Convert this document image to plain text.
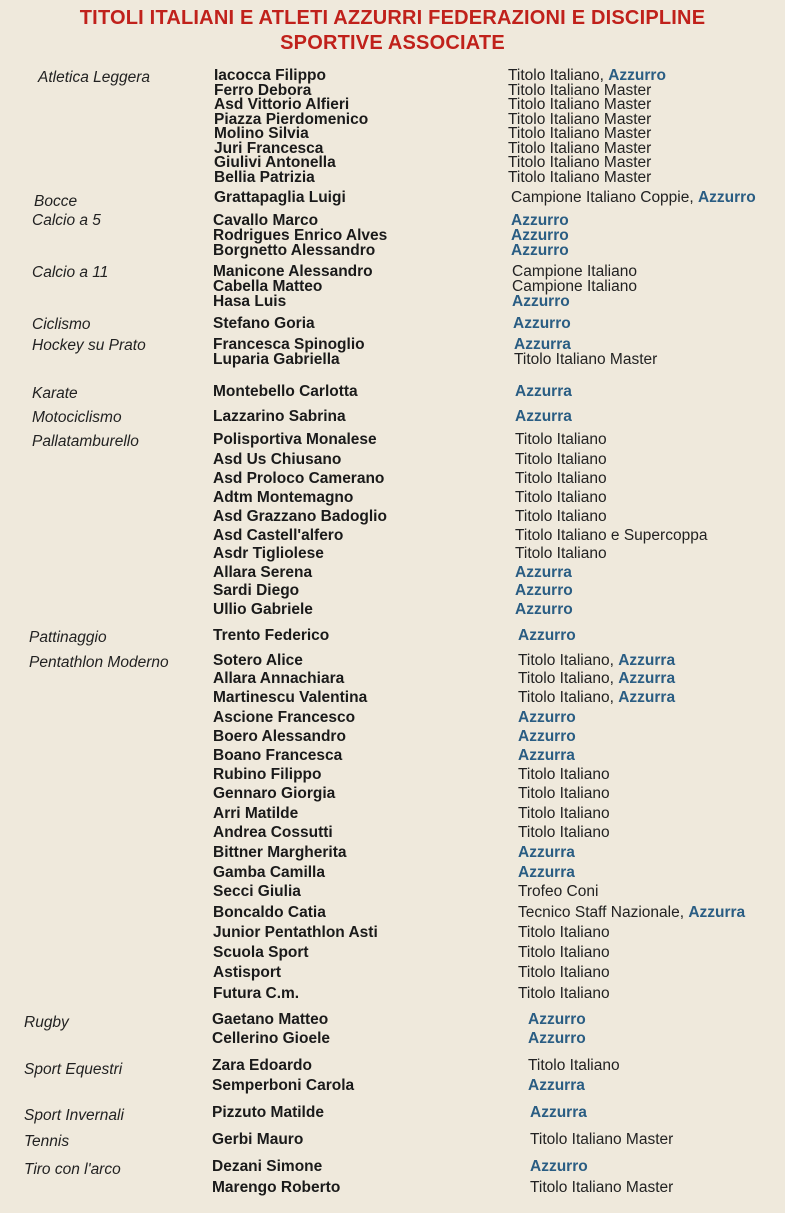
TITOLI ITALIANI E ATLETI AZZURRI FEDERAZIONI E DISCIPLINE
SPORTIVE ASSOCIATE
Atletica Leggera	Iacocca Filippo	Titolo Italiano, Azzurro
Ferro Debora	Titolo Italiano Master
Asd Vittorio Alfieri	Titolo Italiano Master
Piazza Pierdomenico	Titolo Italiano Master
Molino Silvia	Titolo Italiano Master
Juri Francesca	Titolo Italiano Master
Giulivi Antonella	Titolo Italiano Master
Bellia Patrizia	Titolo Italiano Master
Bocce	Grattapaglia Luigi	Campione Italiano Coppie, Azzurro
Calcio a 5	Cavallo Marco	Azzurro
Rodrigues Enrico Alves	Azzurro
Borgnetto Alessandro	Azzurro
Calcio a 11	Manicone Alessandro	Campione Italiano
Cabella Matteo	Campione Italiano
Hasa Luis	Azzurro
Ciclismo	Stefano Goria	Azzurro
Hockey su Prato	Francesca Spinoglio	Azzurra
Luparia Gabriella	Titolo Italiano Master
Karate	Montebello Carlotta	Azzurra
Motociclismo	Lazzarino Sabrina	Azzurra
Pallatamburello	Polisportiva Monalese	Titolo Italiano
Asd Us Chiusano	Titolo Italiano
Asd Proloco Camerano	Titolo Italiano
Adtm Montemagno	Titolo Italiano
Asd Grazzano Badoglio	Titolo Italiano
Asd Castell'alfero	Titolo Italiano e Supercoppa
Asdr Tigliolese	Titolo Italiano
Allara Serena	Azzurra
Sardi Diego	Azzurro
Ullio Gabriele	Azzurro
Pattinaggio	Trento Federico	Azzurro
Pentathlon Moderno	Sotero Alice	Titolo Italiano, Azzurra
Allara Annachiara	Titolo Italiano, Azzurra
Martinescu Valentina	Titolo Italiano, Azzurra
Ascione Francesco	Azzurro
Boero Alessandro	Azzurro
Boano Francesca	Azzurra
Rubino Filippo	Titolo Italiano
Gennaro Giorgia	Titolo Italiano
Arri Matilde	Titolo Italiano
Andrea Cossutti	Titolo Italiano
Bittner Margherita	Azzurra
Gamba Camilla	Azzurra
Secci Giulia	Trofeo Coni
Boncaldo Catia	Tecnico Staff Nazionale, Azzurra
Junior Pentathlon Asti	Titolo Italiano
Scuola Sport	Titolo Italiano
Astisport	Titolo Italiano
Futura C.m.	Titolo Italiano
Rugby	Gaetano Matteo	Azzurro
Cellerino Gioele	Azzurro
Sport Equestri	Zara Edoardo	Titolo Italiano
Semperboni Carola	Azzurra
Sport Invernali	Pizzuto Matilde	Azzurra
Tennis	Gerbi Mauro	Titolo Italiano Master
Tiro con l'arco	Dezani Simone	Azzurro
Marengo Roberto	Titolo Italiano Master
